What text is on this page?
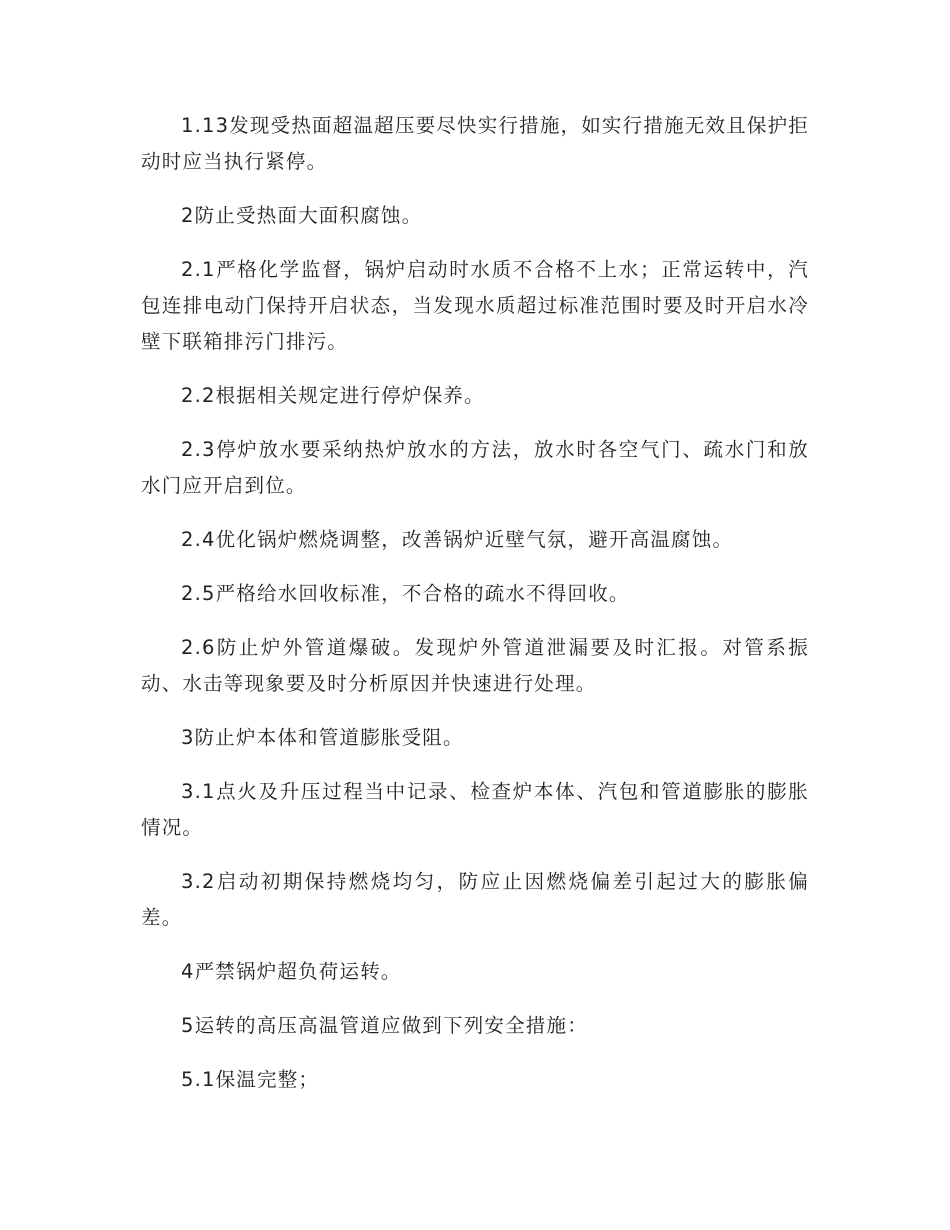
1.13发现受热面超温超压要尽快实行措施，如实行措施无效且保护拒动时应当执行紧停。

2防止受热面大面积腐蚀。

2.1严格化学监督，锅炉启动时水质不合格不上水；正常运转中，汽包连排电动门保持开启状态，当发现水质超过标准范围时要及时开启水冷壁下联箱排污门排污。

2.2根据相关规定进行停炉保养。

2.3停炉放水要采纳热炉放水的方法，放水时各空气门、疏水门和放水门应开启到位。

2.4优化锅炉燃烧调整，改善锅炉近壁气氛，避开高温腐蚀。

2.5严格给水回收标准，不合格的疏水不得回收。

2.6防止炉外管道爆破。发现炉外管道泄漏要及时汇报。对管系振动、水击等现象要及时分析原因并快速进行处理。

3防止炉本体和管道膨胀受阻。

3.1点火及升压过程当中记录、检查炉本体、汽包和管道膨胀的膨胀情况。

3.2启动初期保持燃烧均匀，防应止因燃烧偏差引起过大的膨胀偏差。

4严禁锅炉超负荷运转。

5运转的高压高温管道应做到下列安全措施：

5.1保温完整；
